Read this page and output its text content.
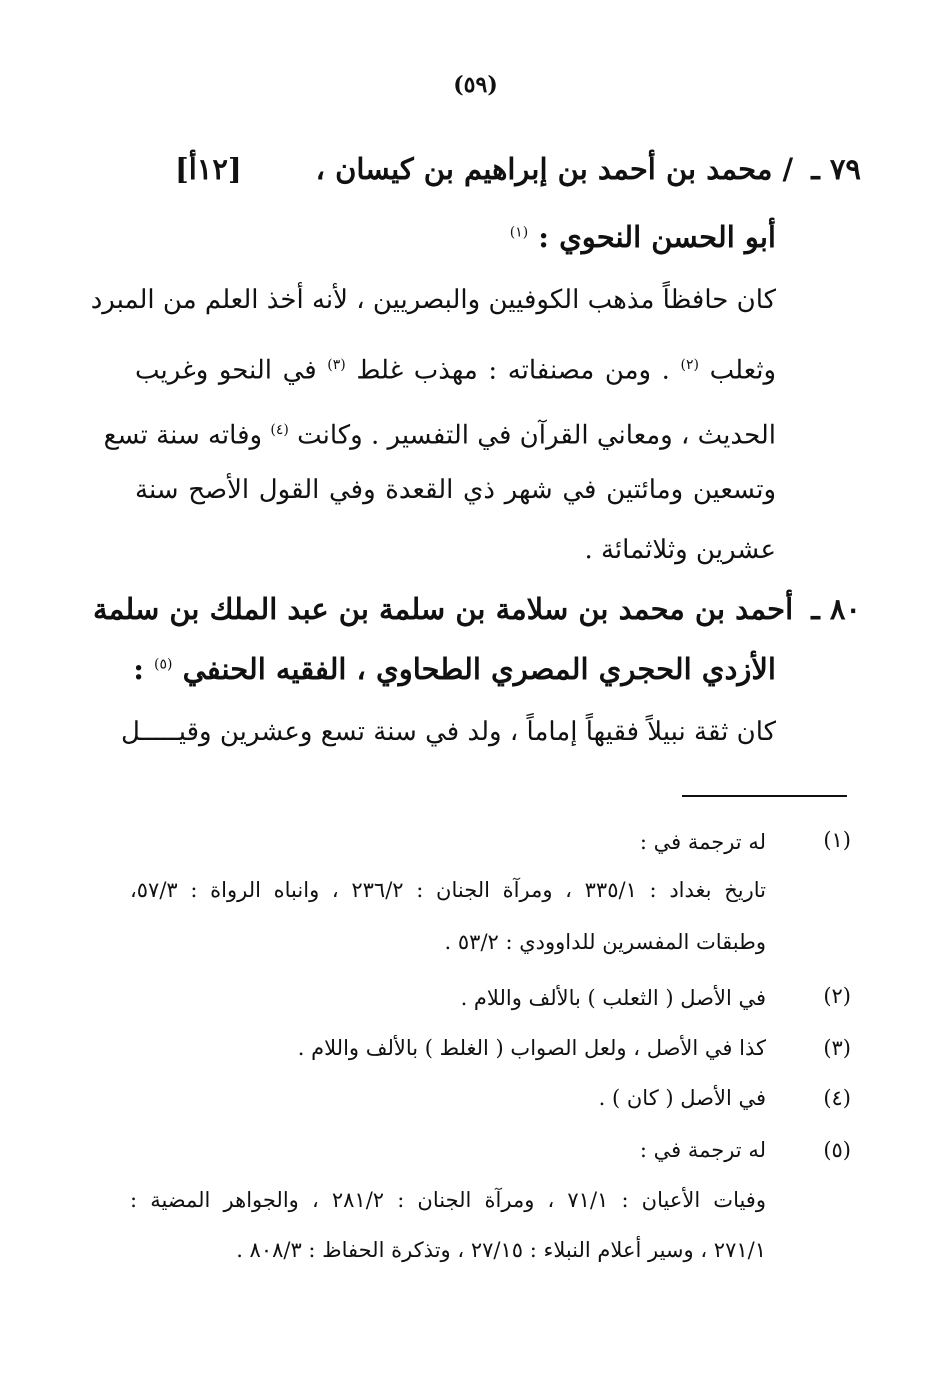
(٥٩)
٧٩ ـ / محمد بن أحمد بن إبراهيم بن كيسان ،
[١٢أ]
أبو الحسن النحوي : $^{(١)}$
كان حافظاً مذهب الكوفيين والبصريين ، لأنه أخذ العلم من المبرد
وثعلب $^{(٢)}$ . ومن مصنفاته : مهذب غلط $^{(٣)}$ في النحو وغريب
الحديث ، ومعاني القرآن في التفسير . وكانت $^{(٤)}$ وفاته سنة تسع
وتسعين ومائتين في شهر ذي القعدة وفي القول الأصح سنة
عشرين وثلاثمائة .
٨٠ ـ أحمد بن محمد بن سلامة بن سلمة بن عبد الملك بن سلمة
الأزدي الحجري المصري الطحاوي ، الفقيه الحنفي $^{(٥)}$ :
كان ثقة نبيلاً فقيهاً إماماً ، ولد في سنة تسع وعشرين وقيـــــل
(١)
له ترجمة في :
تاريخ بغداد : ٣٣٥/١ ، ومرآة الجنان : ٢٣٦/٢ ، وانباه الرواة : ٥٧/٣،
وطبقات المفسرين للداوودي : ٥٣/٢ .
(٢)
في الأصل ( الثعلب ) بالألف واللام .
(٣)
كذا في الأصل ، ولعل الصواب ( الغلط ) بالألف واللام .
(٤)
في الأصل ( كان ) .
(٥)
له ترجمة في :
وفيات الأعيان : ٧١/١ ، ومرآة الجنان : ٢٨١/٢ ، والجواهر المضية :
٢٧١/١ ، وسير أعلام النبلاء : ٢٧/١٥ ، وتذكرة الحفاظ : ٨٠٨/٣ .
